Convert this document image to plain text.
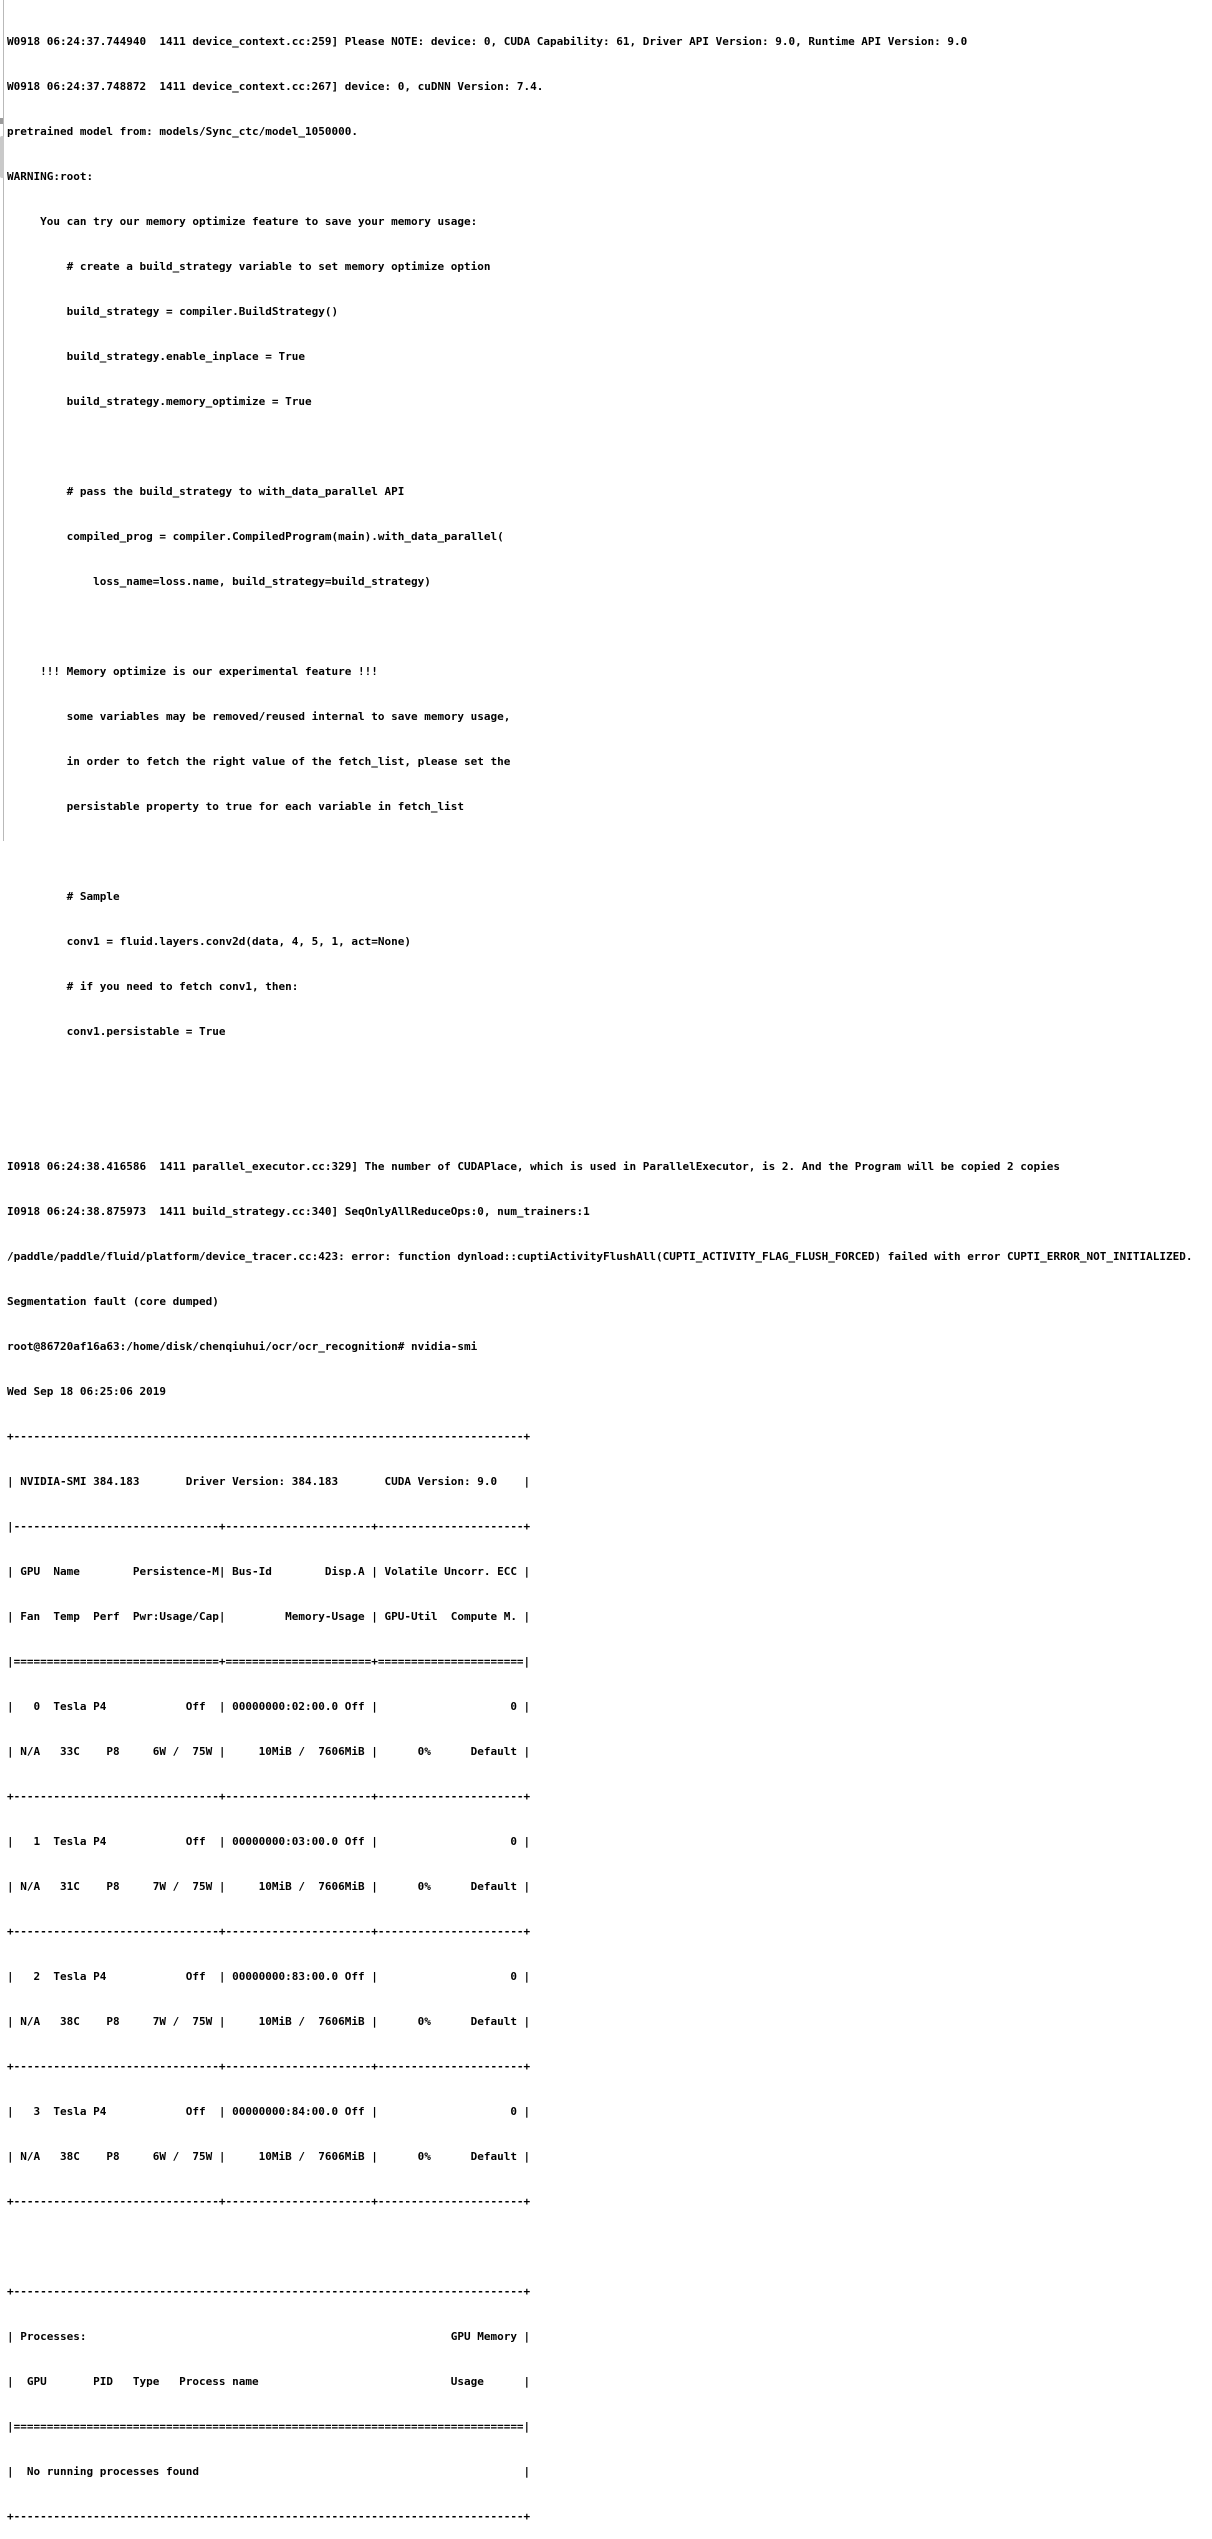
W0918 06:24:37.744940  1411 device_context.cc:259] Please NOTE: device: 0, CUDA Capability: 61, Driver API Version: 9.0, Runtime API Version: 9.0

W0918 06:24:37.748872  1411 device_context.cc:267] device: 0, cuDNN Version: 7.4.

pretrained model from: models/Sync_ctc/model_1050000.

WARNING:root:

You can try our memory optimize feature to save your memory usage:

# create a build_strategy variable to set memory optimize option

build_strategy = compiler.BuildStrategy()

build_strategy.enable_inplace = True

build_strategy.memory_optimize = True

# pass the build_strategy to with_data_parallel API

compiled_prog = compiler.CompiledProgram(main).with_data_parallel(

loss_name=loss.name, build_strategy=build_strategy)

!!! Memory optimize is our experimental feature !!!

some variables may be removed/reused internal to save memory usage,

in order to fetch the right value of the fetch_list, please set the

persistable property to true for each variable in fetch_list

# Sample

conv1 = fluid.layers.conv2d(data, 4, 5, 1, act=None)

# if you need to fetch conv1, then:

conv1.persistable = True

I0918 06:24:38.416586  1411 parallel_executor.cc:329] The number of CUDAPlace, which is used in ParallelExecutor, is 2. And the Program will be copied 2 copies

I0918 06:24:38.875973  1411 build_strategy.cc:340] SeqOnlyAllReduceOps:0, num_trainers:1

/paddle/paddle/fluid/platform/device_tracer.cc:423: error: function dynload::cuptiActivityFlushAll(CUPTI_ACTIVITY_FLAG_FLUSH_FORCED) failed with error CUPTI_ERROR_NOT_INITIALIZED.

Segmentation fault (core dumped)

root@86720af16a63:/home/disk/chenqiuhui/ocr/ocr_recognition# nvidia-smi

Wed Sep 18 06:25:06 2019

+-----------------------------------------------------------------------------+

| NVIDIA-SMI 384.183       Driver Version: 384.183       CUDA Version: 9.0    |

|-------------------------------+----------------------+----------------------+

| GPU  Name        Persistence-M| Bus-Id        Disp.A | Volatile Uncorr. ECC |

| Fan  Temp  Perf  Pwr:Usage/Cap|         Memory-Usage | GPU-Util  Compute M. |

|===============================+======================+======================|

|   0  Tesla P4            Off  | 00000000:02:00.0 Off |                    0 |

| N/A   33C    P8     6W /  75W |     10MiB /  7606MiB |      0%      Default |

+-------------------------------+----------------------+----------------------+

|   1  Tesla P4            Off  | 00000000:03:00.0 Off |                    0 |

| N/A   31C    P8     7W /  75W |     10MiB /  7606MiB |      0%      Default |

+-------------------------------+----------------------+----------------------+

|   2  Tesla P4            Off  | 00000000:83:00.0 Off |                    0 |

| N/A   38C    P8     7W /  75W |     10MiB /  7606MiB |      0%      Default |

+-------------------------------+----------------------+----------------------+

|   3  Tesla P4            Off  | 00000000:84:00.0 Off |                    0 |

| N/A   38C    P8     6W /  75W |     10MiB /  7606MiB |      0%      Default |

+-------------------------------+----------------------+----------------------+

+-----------------------------------------------------------------------------+

| Processes:                                                       GPU Memory |

|  GPU       PID   Type   Process name                             Usage      |

|=============================================================================|

|  No running processes found                                                 |

+-----------------------------------------------------------------------------+
